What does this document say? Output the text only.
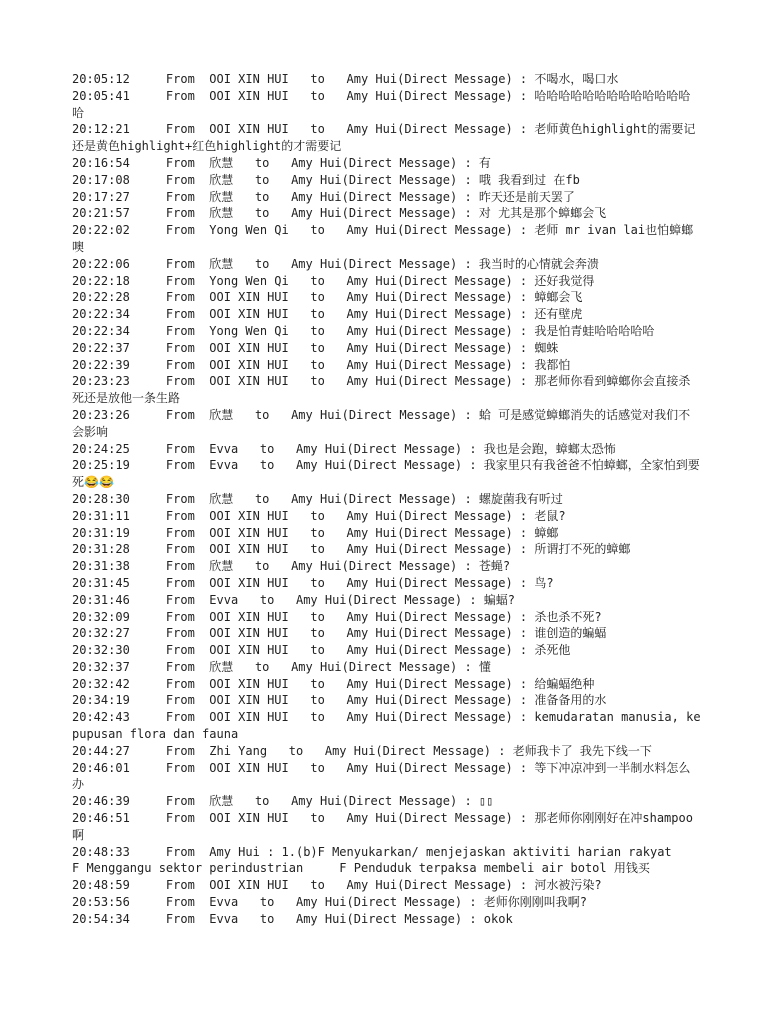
20:05:12     From  OOI XIN HUI   to   Amy Hui(Direct Message) : 不喝水，喝口水
20:05:41     From  OOI XIN HUI   to   Amy Hui(Direct Message) : 哈哈哈哈哈哈哈哈哈哈哈哈哈哈
20:12:21     From  OOI XIN HUI   to   Amy Hui(Direct Message) : 老师黄色highlight的需要记还是黄色highlight+红色highlight的才需要记
20:16:54     From  欣慧   to   Amy Hui(Direct Message) : 有
20:17:08     From  欣慧   to   Amy Hui(Direct Message) : 哦 我看到过 在fb
20:17:27     From  欣慧   to   Amy Hui(Direct Message) : 昨天还是前天罢了
20:21:57     From  欣慧   to   Amy Hui(Direct Message) : 对 尤其是那个蟑螂会飞
20:22:02     From  Yong Wen Qi   to   Amy Hui(Direct Message) : 老师 mr ivan lai也怕蟑螂噢
20:22:06     From  欣慧   to   Amy Hui(Direct Message) : 我当时的心情就会奔溃
20:22:18     From  Yong Wen Qi   to   Amy Hui(Direct Message) : 还好我觉得
20:22:28     From  OOI XIN HUI   to   Amy Hui(Direct Message) : 蟑螂会飞
20:22:34     From  OOI XIN HUI   to   Amy Hui(Direct Message) : 还有壁虎
20:22:34     From  Yong Wen Qi   to   Amy Hui(Direct Message) : 我是怕青蛙哈哈哈哈哈
20:22:37     From  OOI XIN HUI   to   Amy Hui(Direct Message) : 蜘蛛
20:22:39     From  OOI XIN HUI   to   Amy Hui(Direct Message) : 我都怕
20:23:23     From  OOI XIN HUI   to   Amy Hui(Direct Message) : 那老师你看到蟑螂你会直接杀死还是放他一条生路
20:23:26     From  欣慧   to   Amy Hui(Direct Message) : 蛤 可是感觉蟑螂消失的话感觉对我们不会影响
20:24:25     From  Evva   to   Amy Hui(Direct Message) : 我也是会跑，蟑螂太恐怖
20:25:19     From  Evva   to   Amy Hui(Direct Message) : 我家里只有我爸爸不怕蟑螂，全家怕到要死😂😂
20:28:30     From  欣慧   to   Amy Hui(Direct Message) : 螺旋菌我有听过
20:31:11     From  OOI XIN HUI   to   Amy Hui(Direct Message) : 老鼠?
20:31:19     From  OOI XIN HUI   to   Amy Hui(Direct Message) : 蟑螂
20:31:28     From  OOI XIN HUI   to   Amy Hui(Direct Message) : 所谓打不死的蟑螂
20:31:38     From  欣慧   to   Amy Hui(Direct Message) : 苍蝇?
20:31:45     From  OOI XIN HUI   to   Amy Hui(Direct Message) : 鸟?
20:31:46     From  Evva   to   Amy Hui(Direct Message) : 蝙蝠?
20:32:09     From  OOI XIN HUI   to   Amy Hui(Direct Message) : 杀也杀不死?
20:32:27     From  OOI XIN HUI   to   Amy Hui(Direct Message) : 谁创造的蝙蝠
20:32:30     From  OOI XIN HUI   to   Amy Hui(Direct Message) : 杀死他
20:32:37     From  欣慧   to   Amy Hui(Direct Message) : 懂
20:32:42     From  OOI XIN HUI   to   Amy Hui(Direct Message) : 给蝙蝠绝种
20:34:19     From  OOI XIN HUI   to   Amy Hui(Direct Message) : 准备备用的水
20:42:43     From  OOI XIN HUI   to   Amy Hui(Direct Message) : kemudaratan manusia, kepupusan flora dan fauna
20:44:27     From  Zhi Yang   to   Amy Hui(Direct Message) : 老师我卡了 我先下线一下
20:46:01     From  OOI XIN HUI   to   Amy Hui(Direct Message) : 等下冲凉冲到一半制水料怎么办
20:46:39     From  欣慧   to   Amy Hui(Direct Message) : ▯▯
20:46:51     From  OOI XIN HUI   to   Amy Hui(Direct Message) : 那老师你刚刚好在冲shampoo啊
20:48:33     From  Amy Hui : 1.(b)F Menyukarkan/ menjejaskan aktiviti harian rakyat     F Menggangu sektor perindustrian     F Penduduk terpaksa membeli air botol 用钱买
20:48:59     From  OOI XIN HUI   to   Amy Hui(Direct Message) : 河水被污染?
20:53:56     From  Evva   to   Amy Hui(Direct Message) : 老师你刚刚叫我啊?
20:54:34     From  Evva   to   Amy Hui(Direct Message) : okok
